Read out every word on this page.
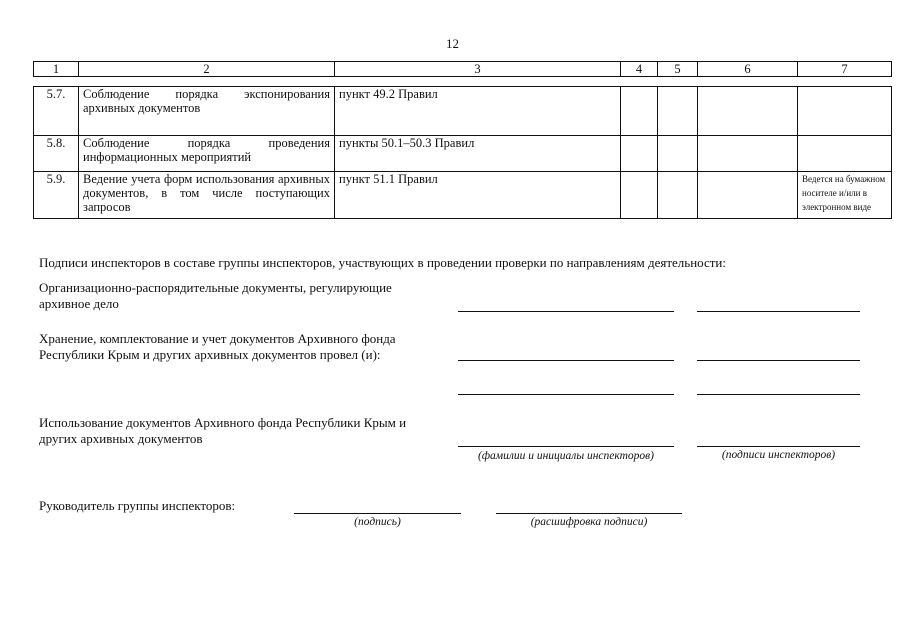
12
1	2	3	4	5	6	7
5.7.	Соблюдение порядка экспонирования архивных документов	пункт 49.2 Правил				
5.8.	Соблюдение порядка проведения информационных мероприятий	пункты 50.1–50.3 Правил				
5.9.	Ведение учета форм использования архивных документов, в том числе поступающих запросов	пункт 51.1 Правил				Ведется на бумажном носителе и/или в электронном виде
Подписи инспекторов в составе группы инспекторов, участвующих в проведении проверки по направлениям деятельности:
Организационно-распорядительные документы, регулирующие архивное дело
Хранение, комплектование и учет документов Архивного фонда Республики Крым и других архивных документов провел (и):
Использование документов Архивного фонда Республики Крым и других архивных документов
(фамилии и инициалы инспекторов)	(подписи инспекторов)
Руководитель группы инспекторов:
(подпись)	(расшифровка подписи)
